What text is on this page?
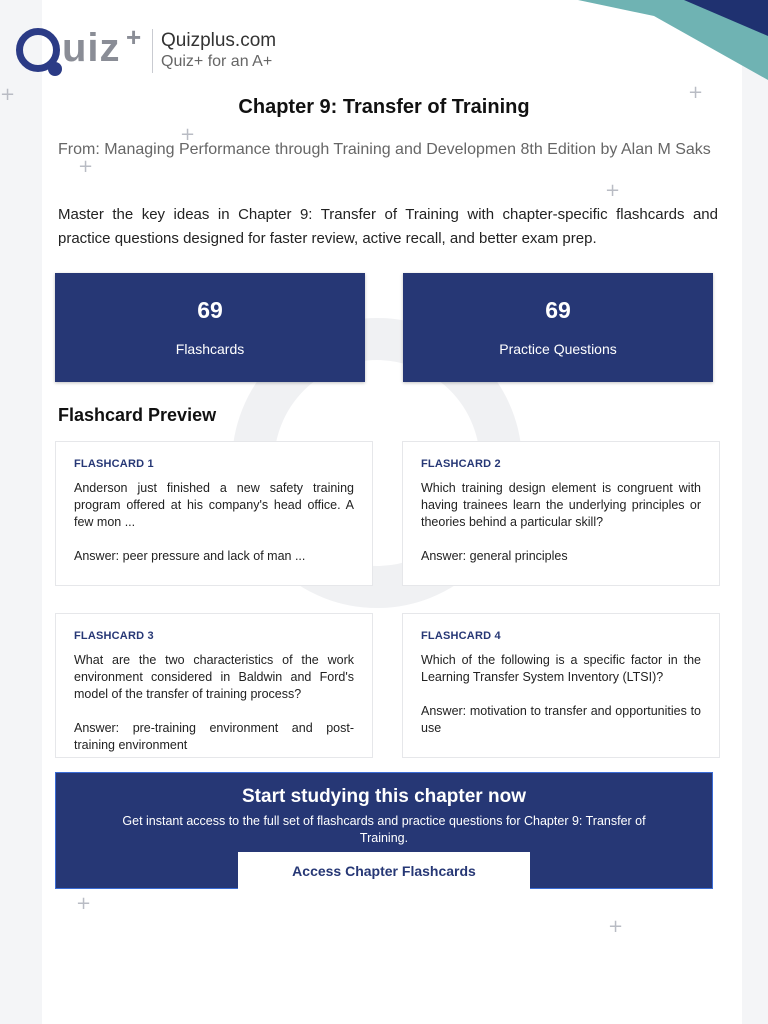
+	+
+
+
+
+
+
uiz + Quizplus.com
Quiz+ for an A+
Chapter 9: Transfer of Training
From: Managing Performance through Training and Developmen 8th Edition by Alan M Saks
Master the key ideas in Chapter 9: Transfer of Training with chapter-specific flashcards and practice questions designed for faster review, active recall, and better exam prep.
69
Flashcards
69
Practice Questions
Flashcard Preview
FLASHCARD 1
Anderson just finished a new safety training program offered at his company's head office. A few mon ...
Answer: peer pressure and lack of man ...
FLASHCARD 2
Which training design element is congruent with having trainees learn the underlying principles or theories behind a particular skill?
Answer: general principles
FLASHCARD 3
What are the two characteristics of the work environment considered in Baldwin and Ford's model of the transfer of training process?
Answer: pre-training environment and post-training environment
FLASHCARD 4
Which of the following is a specific factor in the Learning Transfer System Inventory (LTSI)?
Answer: motivation to transfer and opportunities to use
Start studying this chapter now
Get instant access to the full set of flashcards and practice questions for Chapter 9: Transfer of Training.
Access Chapter Flashcards
